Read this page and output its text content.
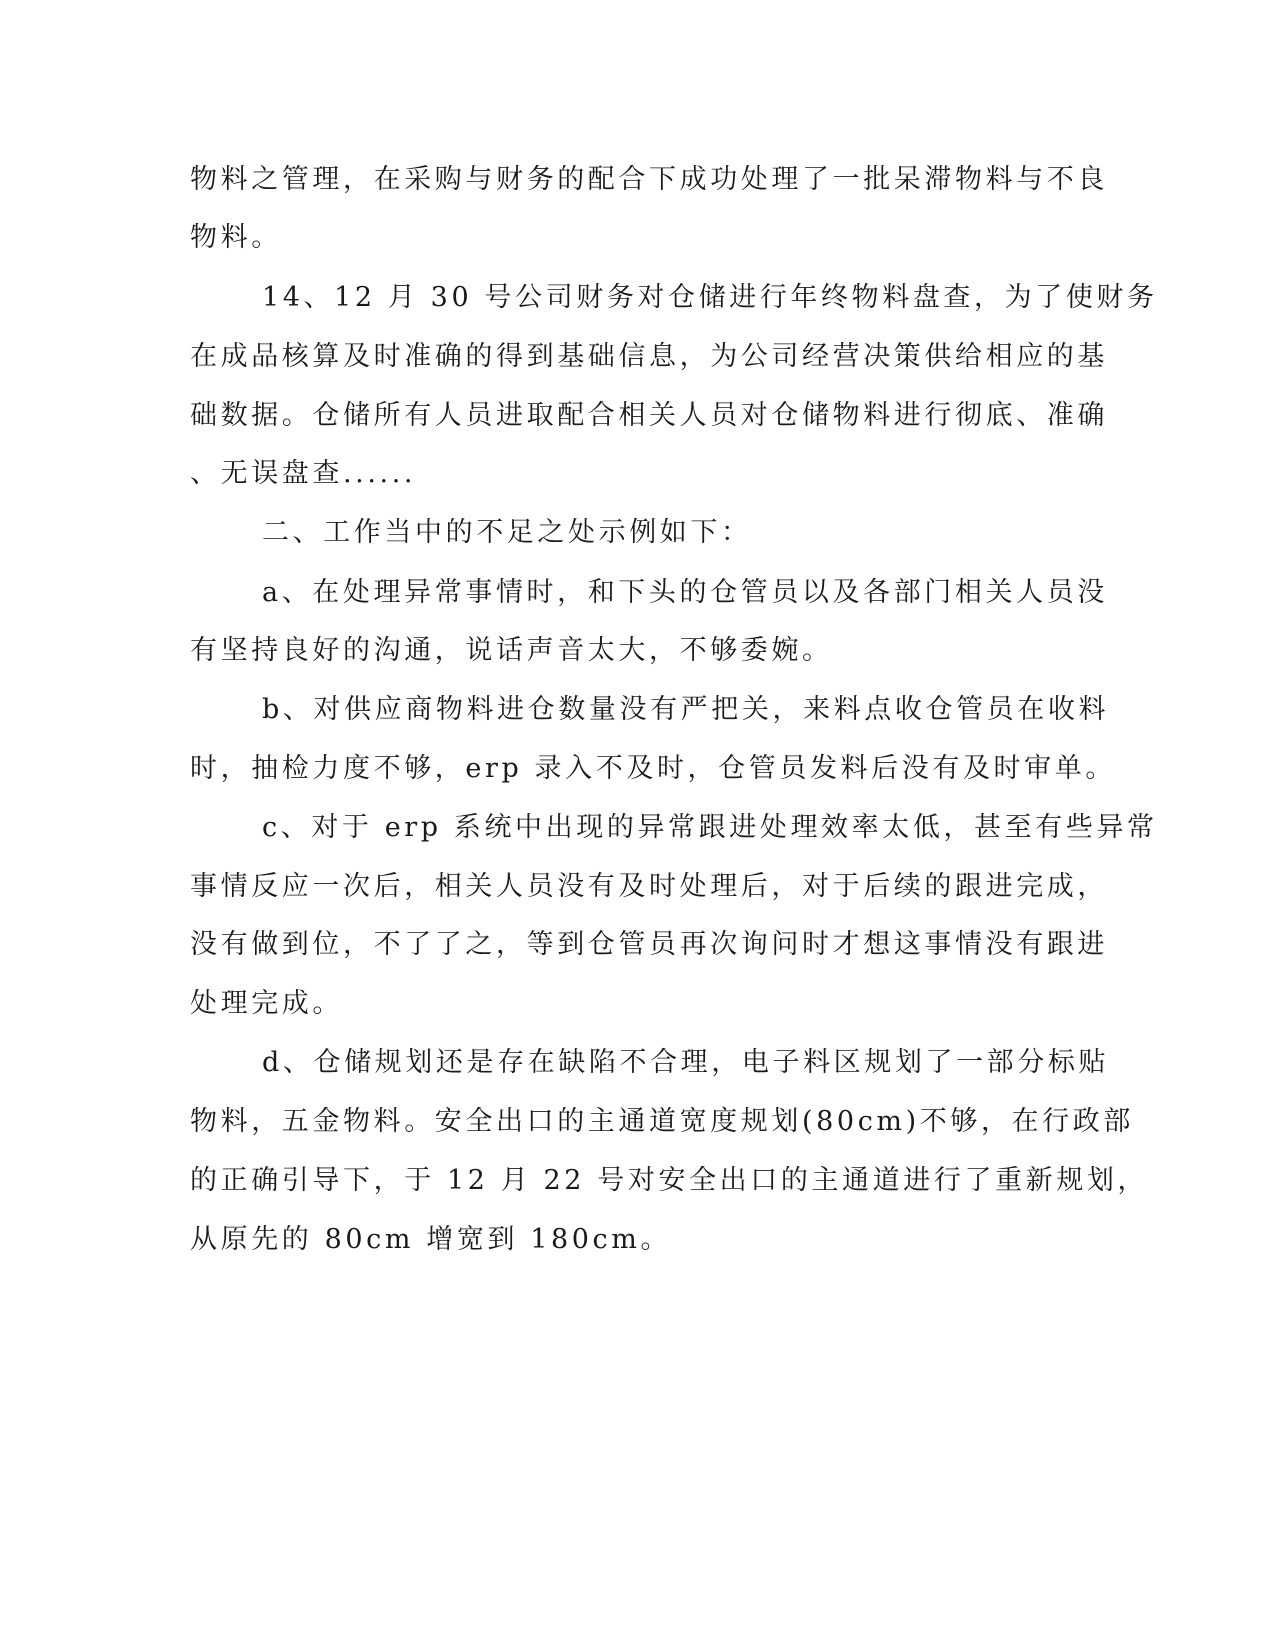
物料之管理，在采购与财务的配合下成功处理了一批呆滞物料与不良
物料。
14、12 月 30 号公司财务对仓储进行年终物料盘查，为了使财务
在成品核算及时准确的得到基础信息，为公司经营决策供给相应的基
础数据。仓储所有人员进取配合相关人员对仓储物料进行彻底、准确
、无误盘查......
二、工作当中的不足之处示例如下：
a、在处理异常事情时，和下头的仓管员以及各部门相关人员没
有坚持良好的沟通，说话声音太大，不够委婉。
b、对供应商物料进仓数量没有严把关，来料点收仓管员在收料
时，抽检力度不够，erp 录入不及时，仓管员发料后没有及时审单。
c、对于 erp 系统中出现的异常跟进处理效率太低，甚至有些异常
事情反应一次后，相关人员没有及时处理后，对于后续的跟进完成，
没有做到位，不了了之，等到仓管员再次询问时才想这事情没有跟进
处理完成。
d、仓储规划还是存在缺陷不合理，电子料区规划了一部分标贴
物料，五金物料。安全出口的主通道宽度规划(80cm)不够，在行政部
的正确引导下，于 12 月 22 号对安全出口的主通道进行了重新规划，
从原先的 80cm 增宽到 180cm。
